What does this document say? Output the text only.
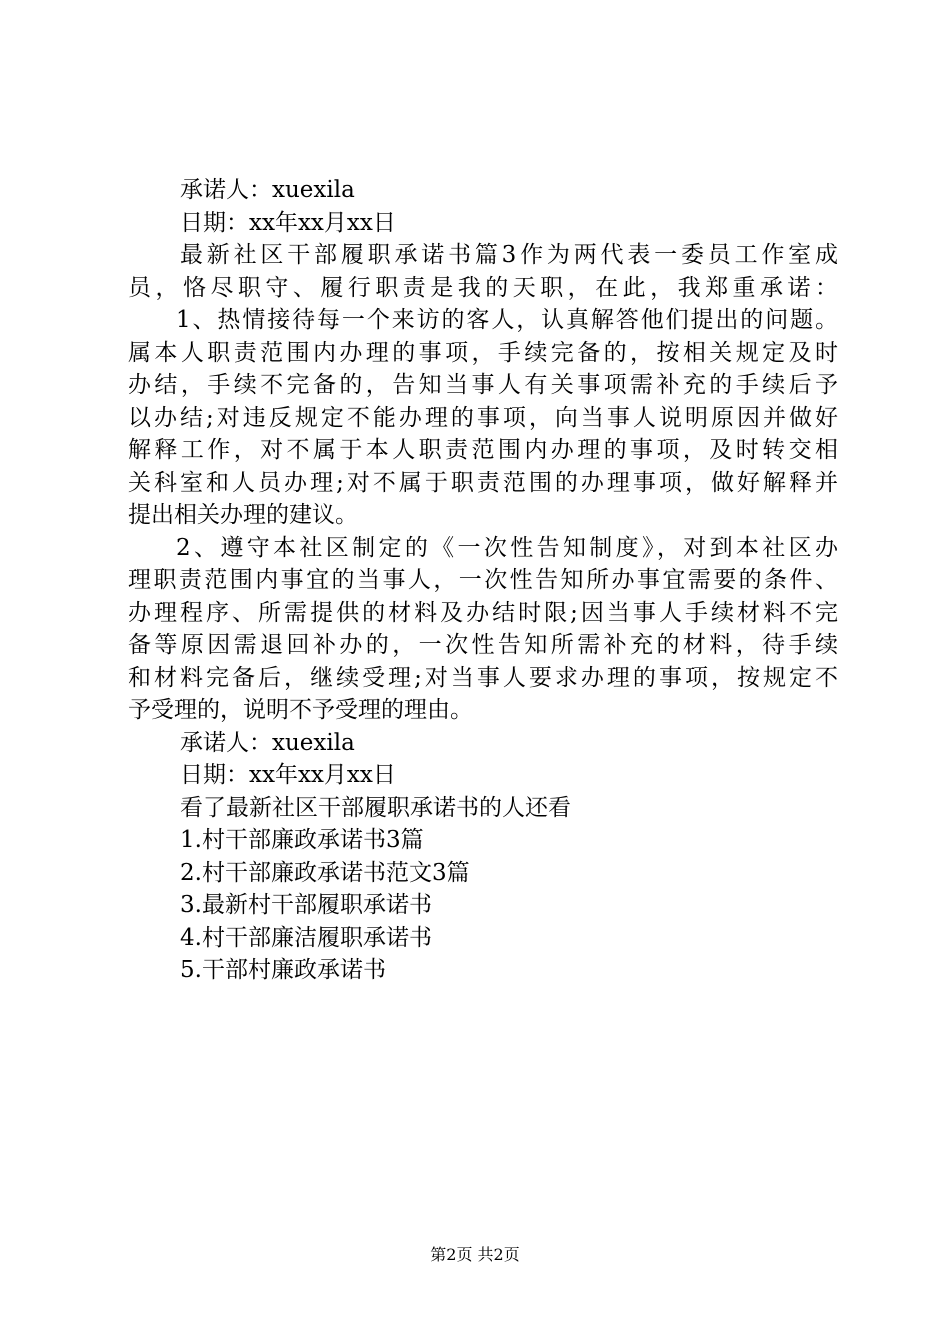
承诺人：xuexila
日期：xx年xx月xx日
最新社区干部履职承诺书篇3作为两代表一委员工作室成
员，恪尽职守、履行职责是我的天职，在此，我郑重承诺：
1、热情接待每一个来访的客人，认真解答他们提出的问题。
属本人职责范围内办理的事项，手续完备的，按相关规定及时
办结，手续不完备的，告知当事人有关事项需补充的手续后予
以办结;对违反规定不能办理的事项，向当事人说明原因并做好
解释工作，对不属于本人职责范围内办理的事项，及时转交相
关科室和人员办理;对不属于职责范围的办理事项，做好解释并
提出相关办理的建议。
2、遵守本社区制定的《一次性告知制度》，对到本社区办
理职责范围内事宜的当事人，一次性告知所办事宜需要的条件、
办理程序、所需提供的材料及办结时限;因当事人手续材料不完
备等原因需退回补办的，一次性告知所需补充的材料，待手续
和材料完备后，继续受理;对当事人要求办理的事项，按规定不
予受理的，说明不予受理的理由。
承诺人：xuexila
日期：xx年xx月xx日
看了最新社区干部履职承诺书的人还看
1.村干部廉政承诺书3篇
2.村干部廉政承诺书范文3篇
3.最新村干部履职承诺书
4.村干部廉洁履职承诺书
5.干部村廉政承诺书
第2页 共2页
